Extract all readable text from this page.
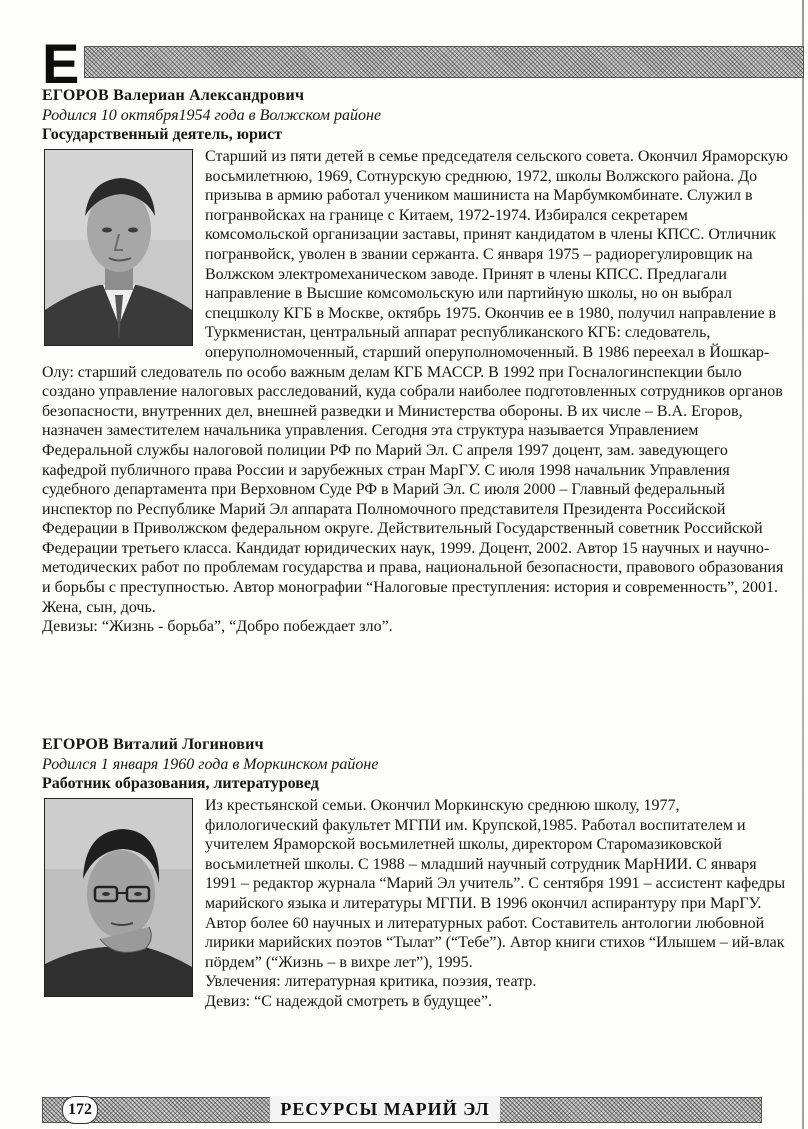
Е
ЕГОРОВ Валериан Александрович
Родился 10 октября1954 года в Волжском районе
Государственный деятель, юрист

Старший из пяти детей в семье председателя сельского совета. Окончил Ярамoрскую восьмилетнюю, 1969, Сотнурскую среднюю, 1972, школы Волжского района. До призыва в армию работал учеником машиниста на Марбумкомбинате. Служил в погранвойсках на границе с Китаем, 1972-1974. Избирался секретарем комсомольской организации заставы, принят кандидатом в члены КПСС. Отличник погранвойск, уволен в звании сержанта. С января 1975 – радиорегулировщик на Волжском электромеханическом заводе. Принят в члены КПСС. Предлагали направление в Высшие комсомольскую или партийную школы, но он выбрал спецшколу КГБ в Москве, октябрь 1975. Окончив ее в 1980, получил направление в Туркменистан, центральный аппарат республиканского КГБ: следователь, оперуполномоченный, старший оперуполномоченный. В 1986 переехал в Йошкар-Олу: старший следователь по особо важным делам КГБ МАССР. В 1992 при Госналогинспекции было создано управление налоговых расследований, куда собрали наиболее подготовленных сотрудников органов безопасности, внутренних дел, внешней разведки и Министерства обороны. В их числе – В.А. Егоров, назначен заместителем начальника управления. Сегодня эта структура называется Управлением Федеральной службы налоговой полиции РФ по Марий Эл. С апреля 1997 доцент, зам. заведующего кафедрой публичного права России и зарубежных стран МарГУ. С июля 1998 начальник Управления судебного департамента при Верховном Суде РФ в Марий Эл. С июля 2000 – Главный федеральный инспектор по Республике Марий Эл аппарата Полномочного представителя Президента Российской Федерации в Приволжском федеральном округе. Действительный Государственный советник Российской Федерации третьего класса. Кандидат юридических наук, 1999. Доцент, 2002. Автор 15 научных и научно-методических работ по проблемам государства и права, национальной безопасности, правового образования и борьбы с преступностью. Автор монографии “Налоговые преступления: история и современность”, 2001.

Жена, сын, дочь.

Девизы: “Жизнь - борьба”, “Добро побеждает зло”.

ЕГОРОВ Виталий Логинович
Родился 1 января 1960 года в Моркинском районе
Работник образования, литературовед

Из крестьянской семьи. Окончил Моркинскую среднюю школу, 1977, филологический факультет МГПИ им. Крупской,1985. Работал воспитателем и учителем Ярамoрской восьмилетней школы, директором Старомазиковской восьмилетней школы. С 1988 – младший научный сотрудник МарНИИ. С января 1991 – редактор журнала “Марий Эл учитель”. С сентября 1991 – ассистент кафедры марийского языка и литературы МГПИ. В 1996 окончил аспирантуру при МарГУ.

Автор более 60 научных и литературных работ. Составитель антологии любовной лирики марийских поэтов “Тылат” (“Тебе”). Автор книги стихов “Илышем – ий-влак пӧрдем” (“Жизнь – в вихре лет”), 1995.

Увлечения: литературная критика, поэзия, театр.

Девиз: “С надеждой смотреть в будущее”.

172	РЕСУРСЫ МАРИЙ ЭЛ
